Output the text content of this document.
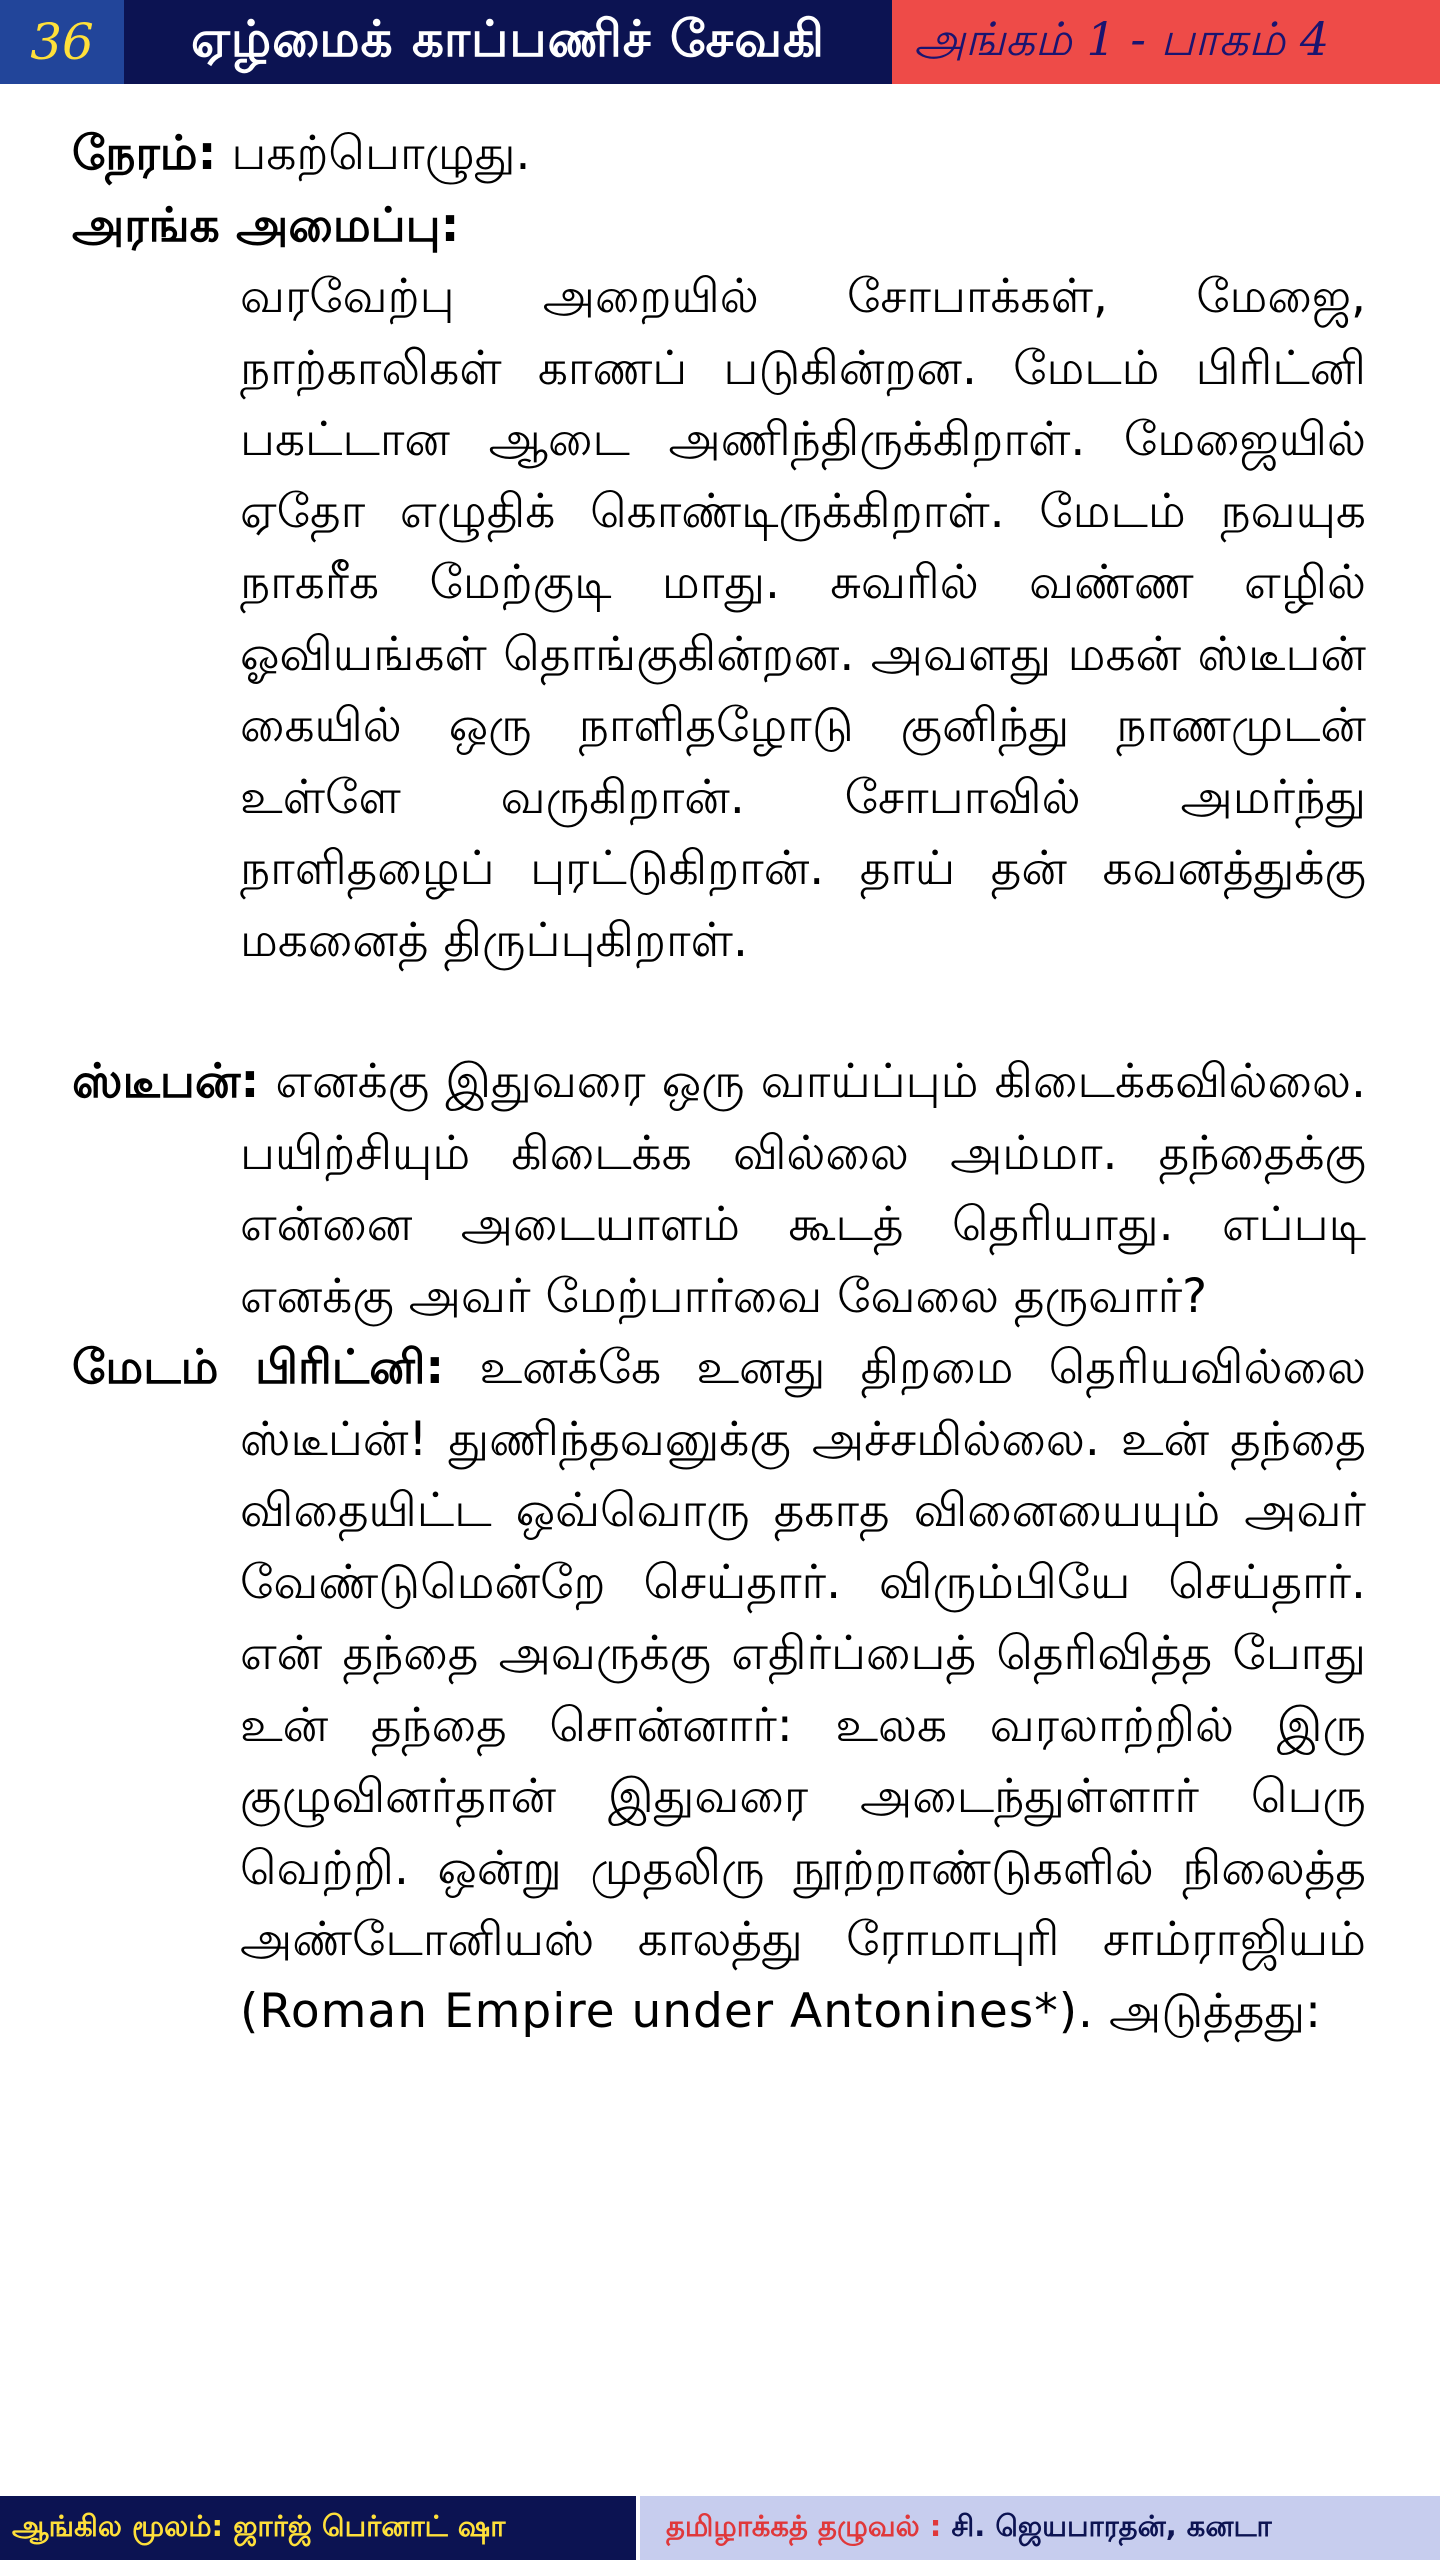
36	ஏழ்மைக் காப்பணிச் சேவகி	அங்கம் 1 - பாகம் 4

நேரம்: பகற்பொழுது.

அரங்க அமைப்பு:

வரவேற்பு அறையில் சோபாக்கள், மேஜை, நாற்காலிகள் காணப் படுகின்றன. மேடம் பிரிட்னி பகட்டான ஆடை அணிந்திருக்கிறாள். மேஜையில் ஏதோ எழுதிக் கொண்டிருக்கிறாள். மேடம் நவயுக நாகரீக மேற்குடி மாது. சுவரில் வண்ண எழில் ஓவியங்கள் தொங்குகின்றன. அவளது மகன் ஸ்டீபன் கையில் ஒரு நாளிதழோடு குனிந்து நாணமுடன் உள்ளே வருகிறான். சோபாவில் அமர்ந்து நாளிதழைப் புரட்டுகிறான். தாய் தன் கவனத்துக்கு மகனைத் திருப்புகிறாள்.

ஸ்டீபன்: எனக்கு இதுவரை ஒரு வாய்ப்பும் கிடைக்கவில்லை. பயிற்சியும் கிடைக்க வில்லை அம்மா. தந்தைக்கு என்னை அடையாளம் கூடத் தெரியாது. எப்படி எனக்கு அவர் மேற்பார்வை வேலை தருவார்?

மேடம் பிரிட்னி: உனக்கே உனது திறமை தெரியவில்லை ஸ்டீப்ன்! துணிந்தவனுக்கு அச்சமில்லை. உன் தந்தை விதையிட்ட ஒவ்வொரு தகாத வினையையும் அவர் வேண்டுமென்றே செய்தார். விரும்பியே செய்தார். என் தந்தை அவருக்கு எதிர்ப்பைத் தெரிவித்த போது உன் தந்தை சொன்னார்: உலக வரலாற்றில் இரு குழுவினர்தான் இதுவரை அடைந்துள்ளார் பெரு வெற்றி. ஒன்று முதலிரு நூற்றாண்டுகளில் நிலைத்த அண்டோனியஸ் காலத்து ரோமாபுரி சாம்ராஜியம் (Roman Empire under Antonines*). அடுத்தது:

ஆங்கில மூலம்:
ஜார்ஜ் பெர்னாட் ஷா	தமிழாக்கத் தழுவல் :
சி. ஜெயபாரதன், கனடா
